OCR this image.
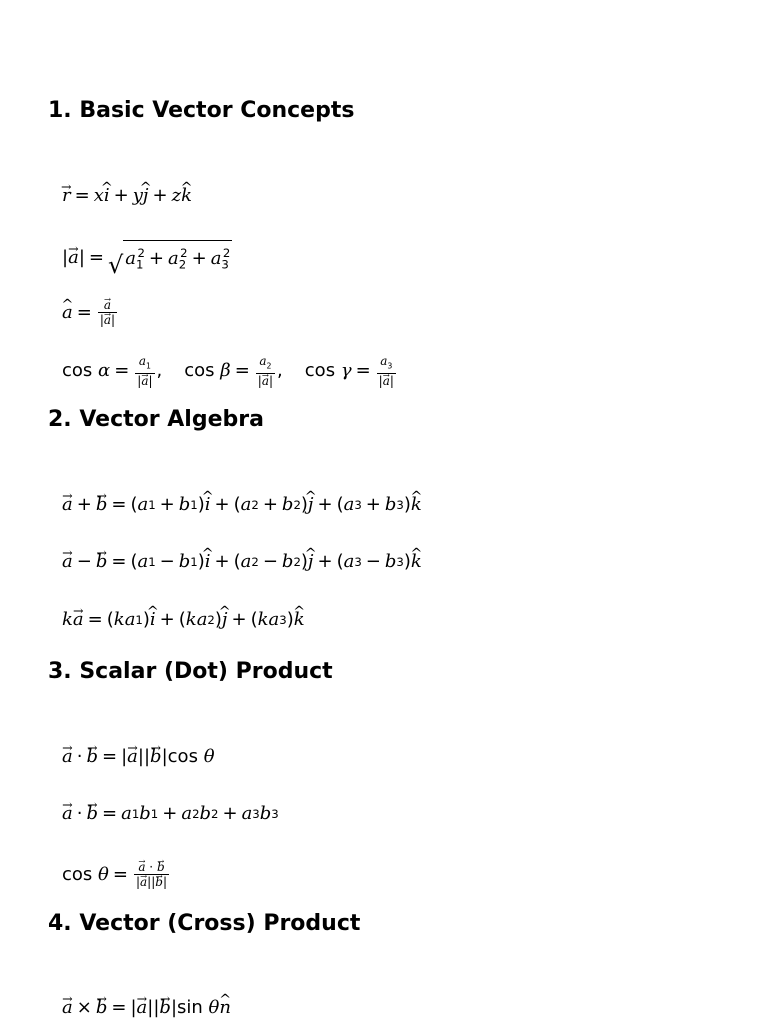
1. Basic Vector Concepts
→ r = x ^ i + y ^ j + z ^ k
| → a | = √ $a_1^2 + a_2^2 + a_3^2$
^ a = → $\frac{a}{|\to a|}$
cos
$\alpha = \frac{a_1}{|\to a|}$ , cos
$\beta = \frac{a_2}{|\to a|}$ , cos
$\gamma = \frac{a_3}{|\to a|}$
2. Vector Algebra
→ a + → b = ( a 1 + b 1 ) ^ i + ( a 2 + b 2 ) ^ j + ( a 3 + b 3 ) ^ k
→ a − → b = ( a 1 − b 1 ) ^ i + ( a 2 − b 2 ) ^ j + ( a 3 − b 3 ) ^ k
k → a = ( ka 1 ) ^ i + ( ka 2 ) ^ j + ( ka 3 ) ^ k
3. Scalar (Dot) Product
→ a · → b = | → a || → b | cos
θ
→ a · → b = a 1 b 1 + a 2 b 2 + a 3 b 3
cos
θ = → $\frac{a \cdot \to b}{|\to a||\to b|}$
4. Vector (Cross) Product
→ a × → b = | → a || → b | sin
θ ^ n
